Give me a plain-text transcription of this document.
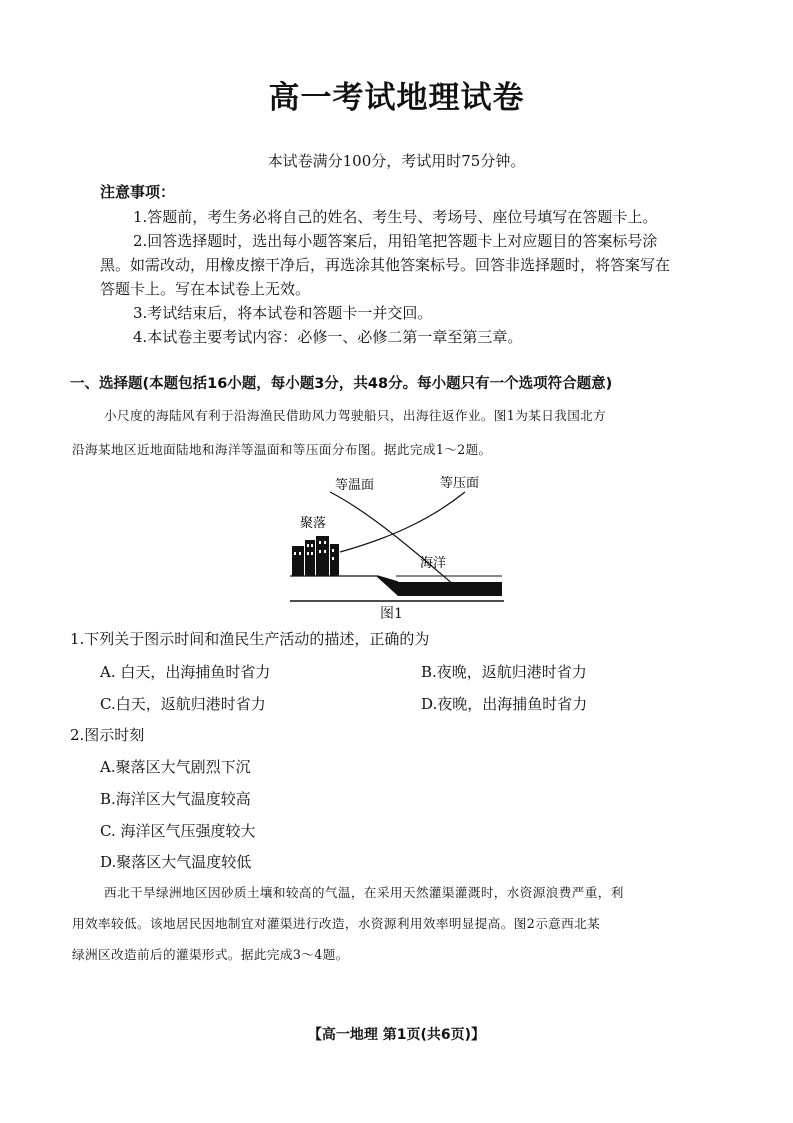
高一考试地理试卷
本试卷满分100分，考试用时75分钟。
注意事项：
1.答题前，考生务必将自己的姓名、考生号、考场号、座位号填写在答题卡上。
2.回答选择题时，选出每小题答案后，用铅笔把答题卡上对应题目的答案标号涂
黑。如需改动，用橡皮擦干净后，再选涂其他答案标号。回答非选择题时，将答案写在
答题卡上。写在本试卷上无效。
3.考试结束后，将本试卷和答题卡一并交回。
4.本试卷主要考试内容：必修一、必修二第一章至第三章。
一、选择题(本题包括16小题，每小题3分，共48分。每小题只有一个选项符合题意)
小尺度的海陆风有利于沿海渔民借助风力驾驶船只，出海往返作业。图1为某日我国北方
沿海某地区近地面陆地和海洋等温面和等压面分布图。据此完成1～2题。
等温面	等压面
聚落
海洋
图1
1.下列关于图示时间和渔民生产活动的描述，正确的为
A. 白天，出海捕鱼时省力	B.夜晚，返航归港时省力
C.白天，返航归港时省力	D.夜晚，出海捕鱼时省力
2.图示时刻
A.聚落区大气剧烈下沉
B.海洋区大气温度较高
C. 海洋区气压强度较大
D.聚落区大气温度较低
西北干旱绿洲地区因砂质土壤和较高的气温，在采用天然灌渠灌溉时，水资源浪费严重，利
用效率较低。该地居民因地制宜对灌渠进行改造，水资源利用效率明显提高。图2示意西北某
绿洲区改造前后的灌渠形式。据此完成3～4题。
【高一地理 第1页(共6页)】
